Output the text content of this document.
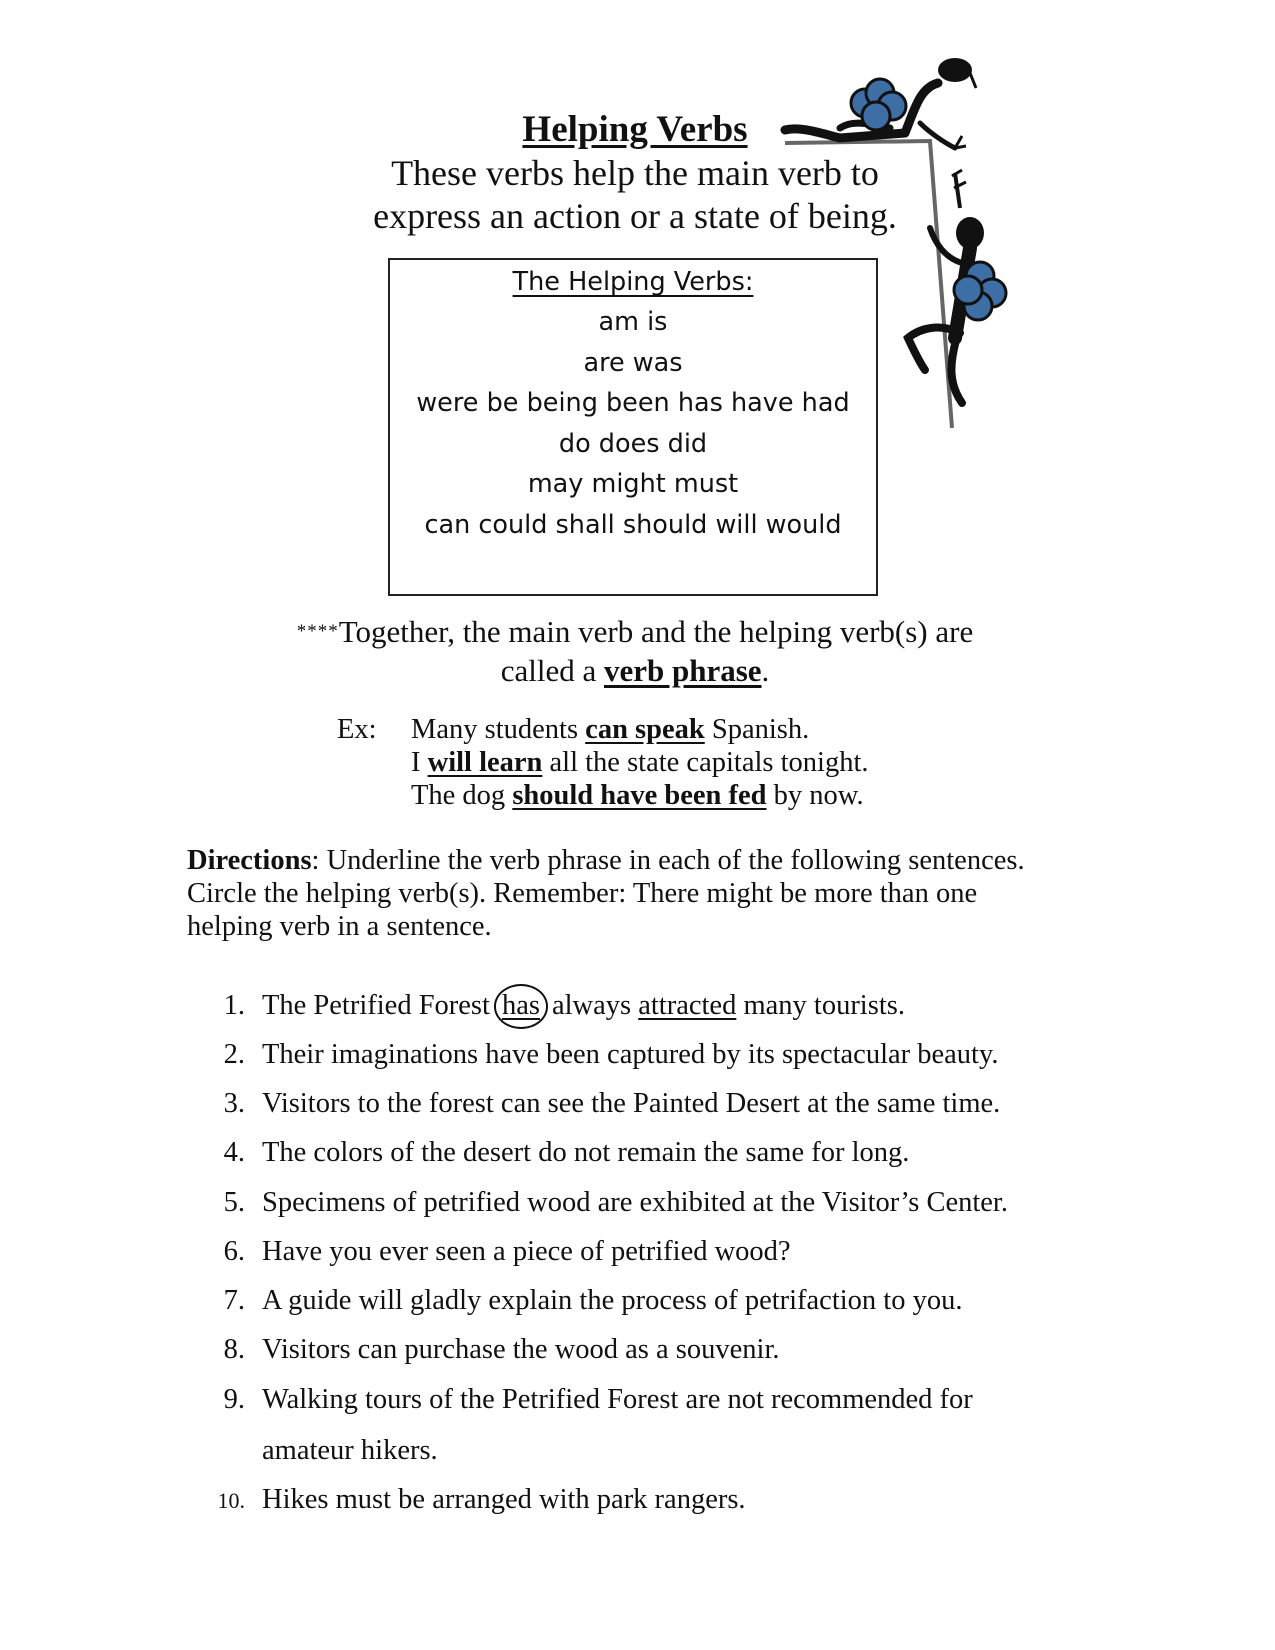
Helping Verbs
These verbs help the main verb to
express an action or a state of being.
The Helping Verbs:
am is
are was
were be being been has have had
do does did
may might must
can could shall should will would
****Together, the main verb and the helping verb(s) are
called a verb phrase.
Ex: Many students can speak Spanish.
I will learn all the state capitals tonight.
The dog should have been fed by now.
Directions: Underline the verb phrase in each of the following sentences.
Circle the helping verb(s). Remember: There might be more than one
helping verb in a sentence.
1. The Petrified Forest has always attracted many tourists.
2. Their imaginations have been captured by its spectacular beauty.
3. Visitors to the forest can see the Painted Desert at the same time.
4. The colors of the desert do not remain the same for long.
5. Specimens of petrified wood are exhibited at the Visitor’s Center.
6. Have you ever seen a piece of petrified wood?
7. A guide will gladly explain the process of petrifaction to you.
8. Visitors can purchase the wood as a souvenir.
9. Walking tours of the Petrified Forest are not recommended for
amateur hikers.
10. Hikes must be arranged with park rangers.
